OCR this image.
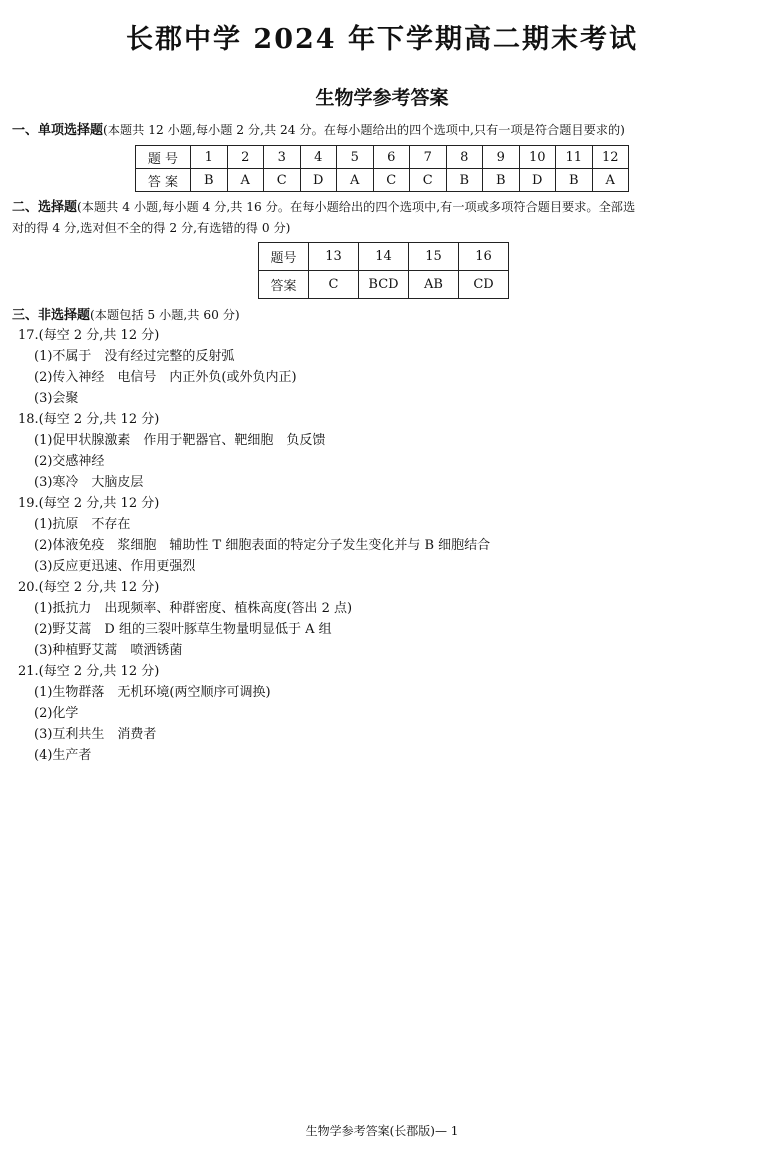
长郡中学 2024 年下学期高二期末考试
生物学参考答案
一、单项选择题(本题共 12 小题,每小题 2 分,共 24 分。在每小题给出的四个选项中,只有一项是符合题目要求的)
题 号	1	2	3	4	5	6	7	8	9	10	11	12
答 案	B	A	C	D	A	C	C	B	B	D	B	A
二、选择题(本题共 4 小题,每小题 4 分,共 16 分。在每小题给出的四个选项中,有一项或多项符合题目要求。全部选
对的得 4 分,选对但不全的得 2 分,有选错的得 0 分)
题号	13	14	15	16
答案	C	BCD	AB	CD
三、非选择题(本题包括 5 小题,共 60 分)
17.(每空 2 分,共 12 分)
(1)不属于　没有经过完整的反射弧
(2)传入神经　电信号　内正外负(或外负内正)
(3)会聚
18.(每空 2 分,共 12 分)
(1)促甲状腺激素　作用于靶器官、靶细胞　负反馈
(2)交感神经
(3)寒冷　大脑皮层
19.(每空 2 分,共 12 分)
(1)抗原　不存在
(2)体液免疫　浆细胞　辅助性 T 细胞表面的特定分子发生变化并与 B 细胞结合
(3)反应更迅速、作用更强烈
20.(每空 2 分,共 12 分)
(1)抵抗力　出现频率、种群密度、植株高度(答出 2 点)
(2)野艾蒿　D 组的三裂叶豚草生物量明显低于 A 组
(3)种植野艾蒿　喷洒锈菌
21.(每空 2 分,共 12 分)
(1)生物群落　无机环境(两空顺序可调换)
(2)化学
(3)互利共生　消费者
(4)生产者
生物学参考答案(长郡版)— 1
